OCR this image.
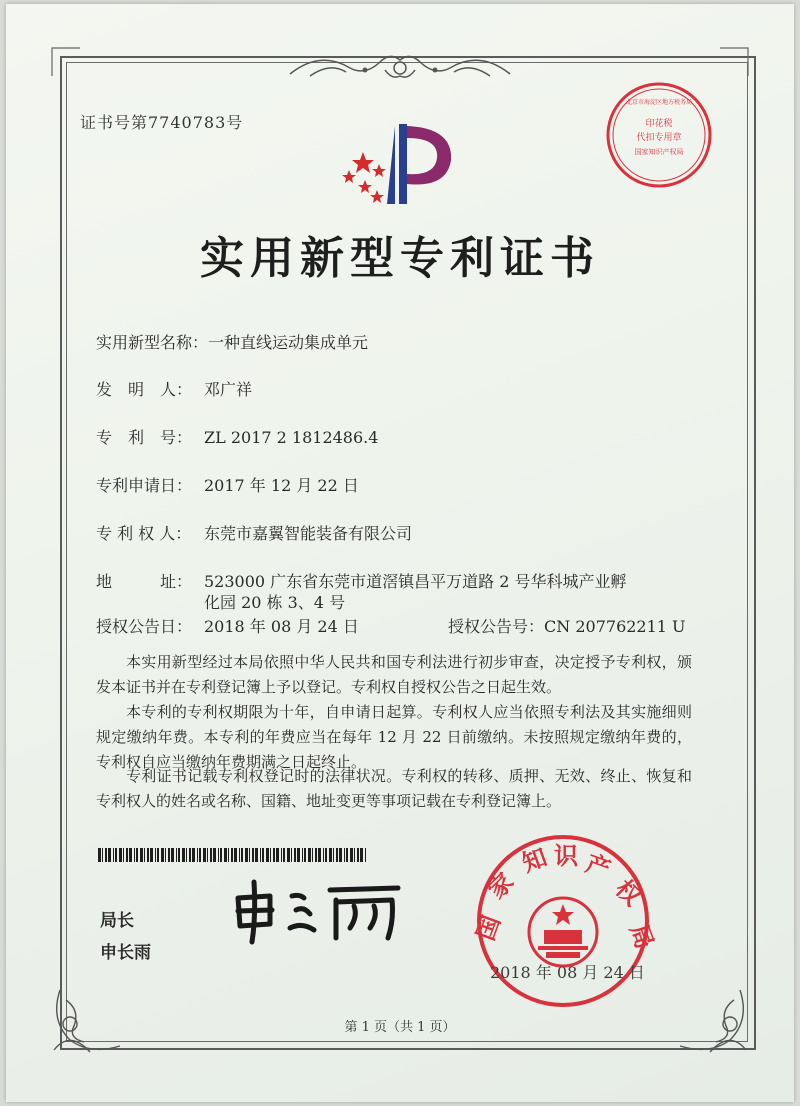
证书号第7740783号	印花税
代扣专用章
国家知识产权局
北京市海淀区地方税务局
实用新型专利证书
实用新型名称：一种直线运动集成单元
发　明　人： 邓广祥
专　利　号： ZL 2017 2 1812486.4
专利申请日： 2017 年 12 月 22 日
专 利 权 人： 东莞市嘉翼智能装备有限公司
地　　　址： 523000 广东省东莞市道滘镇昌平万道路 2 号华科城产业孵
化园 20 栋 3、4 号
授权公告日： 2018 年 08 月 24 日	授权公告号：CN 207762211 U
本实用新型经过本局依照中华人民共和国专利法进行初步审查，决定授予专利权，颁发本证书并在专利登记簿上予以登记。专利权自授权公告之日起生效。
本专利的专利权期限为十年，自申请日起算。专利权人应当依照专利法及其实施细则规定缴纳年费。本专利的年费应当在每年 12 月 22 日前缴纳。未按照规定缴纳年费的，专利权自应当缴纳年费期满之日起终止。
专利证书记载专利权登记时的法律状况。专利权的转移、质押、无效、终止、恢复和专利权人的姓名或名称、国籍、地址变更等事项记载在专利登记簿上。
局长
申长雨
国
家
知 识 产
权
局
2018 年 08 月 24 日
第 1 页（共 1 页）
